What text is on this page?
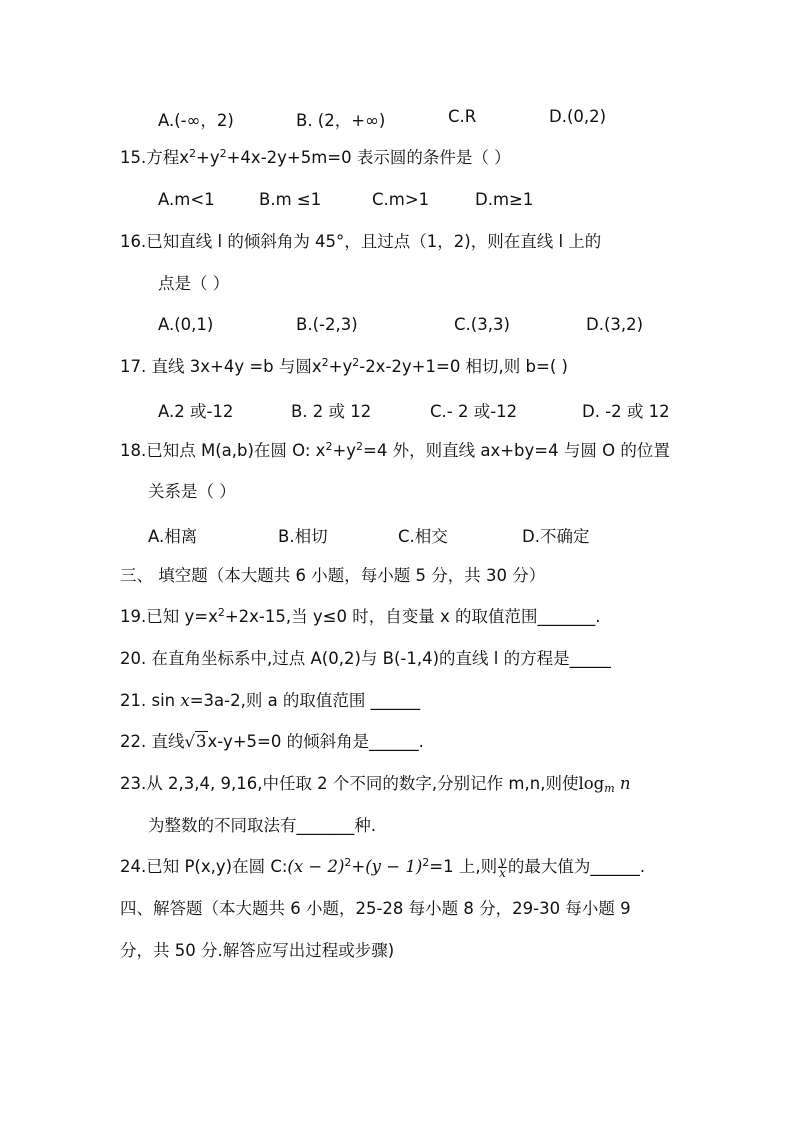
A.(-∞，2)	B. (2，+∞)	C.R	D.(0,2)
15.方程$x^2+y^2+4x-2y+5m=0$ 表示圆的条件是（ ）
A.m<1	B.m ≤1	C.m>1	D.m≥1
16.已知直线 l 的倾斜角为 45°，且过点（1，2)，则在直线 l 上的
点是（ ）
A.(0,1)	B.(-2,3)	C.(3,3)	D.(3,2)
17. 直线 3x+4y =b 与圆$x^2+y^2-2x-2y+1=0$ 相切,则 b=( )
A.2 或-12	B. 2 或 12	C.- 2 或-12	D. -2 或 12
18.已知点 M(a,b)在圆 O: $x^2+y^2=4$ 外，则直线 ax+by=4 与圆 O 的位置
关系是（ ）
A.相离	B.相切	C.相交	D.不确定
三、 填空题（本大题共 6 小题，每小题 5 分，共 30 分）
19.已知 $y=x^2+2x-15$,当 y≤0 时，自变量 x 的取值范围_______.
20. 在直角坐标系中,过点 A(0,2)与 B(-1,4)的直线 l 的方程是_____
21. sin x=3a-2,则 a 的取值范围 ______
22. 直线√3x-y+5=0 的倾斜角是______.
23.从 2,3,4, 9,16,中任取 2 个不同的数字,分别记作 m,n,则使$\log_m n$
为整数的不同取法有_______种.
24.已知 P(x,y)在圆 C:(x − $2)^2+(y - 1)^2=1$ 上,则 $\frac{y}{x}$ 的最大值为______.
四、解答题（本大题共 6 小题，25-28 每小题 8 分，29-30 每小题 9
分，共 50 分.解答应写出过程或步骤)
